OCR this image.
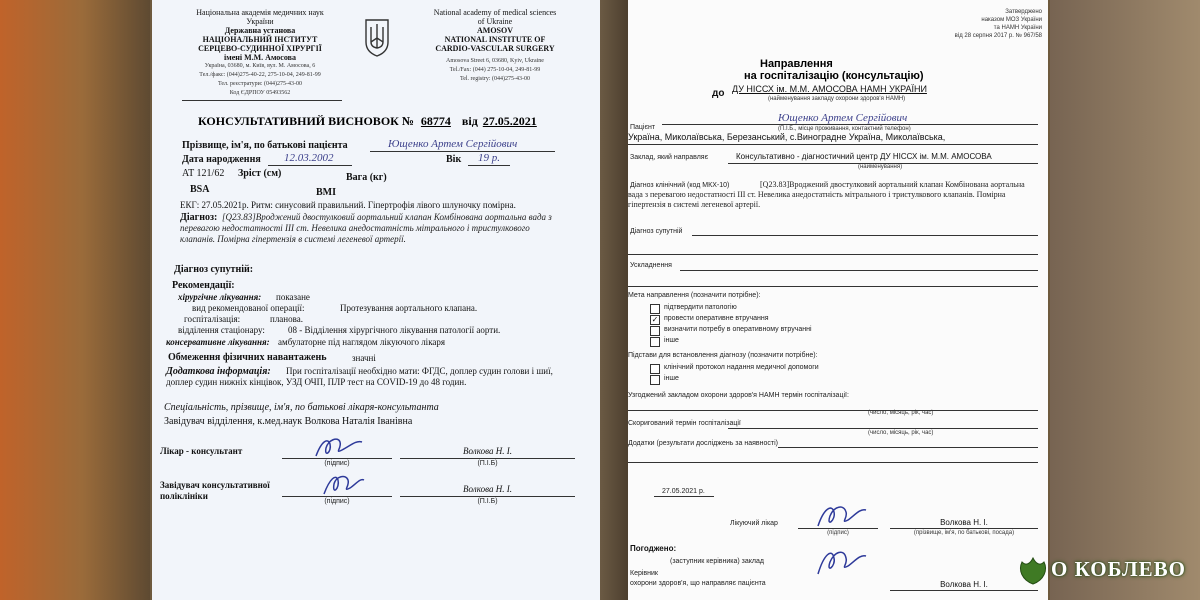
Національна академія медичних наук
України
Державна установа
НАЦІОНАЛЬНИЙ ІНСТИТУТ
СЕРЦЕВО-СУДИННОЇ ХІРУРГІЇ
імені М.М. Амосова
Україна, 03680, м. Київ, вул. М. Амосова, 6
Тел./факс: (044)275-40-22, 275-10-04, 249-81-99
Тел. реєстратури: (044)275-43-00
Код ЄДРПОУ 05493562
National academy of medical sciences
of Ukraine
AMOSOV
NATIONAL INSTITUTE OF
CARDIO-VASCULAR SURGERY
Amosova Street 6, 03680, Kyiv, Ukraine
Tel./Fax: (044) 275-10-04, 249-81-99
Tel. registry: (044)275-43-00
КОНСУЛЬТАТИВНИЙ ВИСНОВОК № 68774 від 27.05.2021
Прізвище, ім'я, по батькові пацієнта	Ющенко Артем Сергійович
Дата народження 12.03.2002	Вік 19 р.
AT 121/62 Зріст (см)	Вага (кг)
BSA	BMI
ЕКГ: 27.05.2021р. Ритм: синусовий правильний. Гіпертрофія лівого шлуночку помірна.
Діагноз: [Q23.83]Вроджений двостулковий аортальний клапан Комбінована аортальна вада з перевагою недостатності III ст. Невелика анедостатність мітрального і тристулкового клапанів. Помірна гіпертензія в системі легеневої артерії.
Діагноз супутній:
Рекомендації:
хірургічне лікування: показане
вид рекомендованої операції:	Протезування аортального клапана.
госпіталізація:	планова.
відділення стаціонару:	08 - Відділення хірургічного лікування патології аорти.
консервативне лікування: амбулаторне під наглядом лікуючого лікаря
Обмеження фізичних навантажень	значні
Додаткова інформація:	При госпіталізації необхідно мати: ФГДС, доплер судин голови і шиї, доплер судин нижніх кінцівок, УЗД ОЧП, ПЛР тест на COVID-19 до 48 годин.
Спеціальність, прізвище, ім'я, по батькові лікаря-консультанта
Завідувач відділення, к.мед.наук Волкова Наталія Іванівна
Лікар - консультант
(підпис)
Волкова Н. І.
(П.І.Б)
Завідувач консультативної
поліклініки
(підпис)
Волкова Н. І.
(П.І.Б)
Затверджено
наказом МОЗ України
та НАМН України
від 28 серпня 2017 р. № 967/58
Направлення
на госпіталізацію (консультацію)
до ДУ НІССХ ім. М.М. АМОСОВА НАМН УКРАЇНИ
(найменування закладу охорони здоров'я НАМН)
Ющенко Артем Сергійович
Пацієнт	(П.І.Б., місце проживання, контактний телефон)
Україна, Миколаївська, Березанський, с.Виноградне Україна, Миколаївська,
Заклад, який направляє	Консультативно - діагностичний центр ДУ НІССХ ім. М.М. АМОСОВА
(найменування)
Діагноз клінічний (код МКХ-10)	[Q23.83]Вроджений двостулковий аортальний клапан Комбінована аортальна вада з перевагою недостатності III ст. Невелика анедостатність мітрального і тристулкового клапанів. Помірна гіпертензія в системі легеневої артерії.
Діагноз супутній
Ускладнення
Мета направлення (позначити потрібне):
підтвердити патологію
✓ провести оперативне втручання
визначити потребу в оперативному втручанні
інше
Підстави для встановлення діагнозу (позначити потрібне):
клінічний протокол надання медичної допомоги
інше
Узгоджений закладом охорони здоров'я НАМН термін госпіталізації:
(число, місяць, рік, час)
Скоригований термін госпіталізації
(число, місяць, рік, час)
Додатки (результати досліджень за наявності)
27.05.2021 р.
Лікуючий лікар
(підпис)
Волкова Н. І.
(прізвище, ім'я, по батькові, посада)
Погоджено:
(заступник керівника) заклад
Керівник
охорони здоров'я, що направляє пацієнта	Волкова Н. І.
О КОБЛЕВО
